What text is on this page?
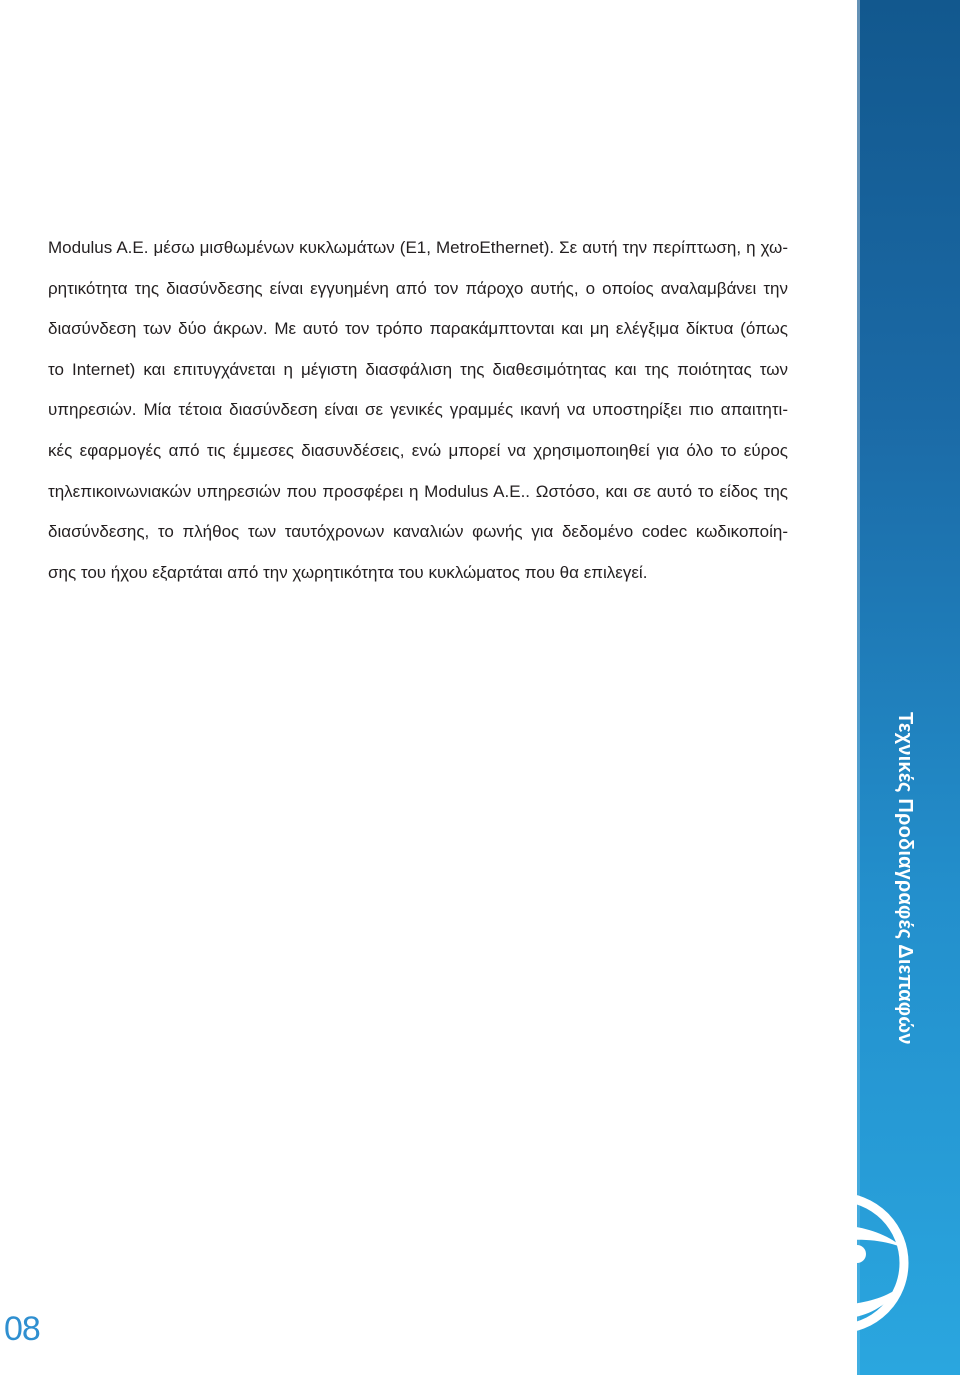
Modulus A.E. μέσω μισθωμένων κυκλωμάτων (E1, MetroEthernet). Σε αυτή την περίπτωση, η χω-
ρητικότητα της διασύνδεσης είναι εγγυημένη από τον πάροχο αυτής, ο οποίος αναλαμβάνει την
διασύνδεση των δύο άκρων. Με αυτό τον τρόπο παρακάμπτονται και μη ελέγξιμα δίκτυα (όπως
το Internet) και επιτυγχάνεται η μέγιστη διασφάλιση της διαθεσιμότητας και της ποιότητας των
υπηρεσιών. Μία τέτοια διασύνδεση είναι σε γενικές γραμμές ικανή να υποστηρίξει πιο απαιτητι-
κές εφαρμογές από τις έμμεσες διασυνδέσεις, ενώ μπορεί να χρησιμοποιηθεί για όλο το εύρος
τηλεπικοινωνιακών υπηρεσιών που προσφέρει η Modulus A.E.. Ωστόσο, και σε αυτό το είδος της
διασύνδεσης, το πλήθος των ταυτόχρονων καναλιών φωνής για δεδομένο codec κωδικοποίη-
σης του ήχου εξαρτάται από την χωρητικότητα του κυκλώματος που θα επιλεγεί.

Τεχνικές Προδιαγραφές Διεπαφών
08
